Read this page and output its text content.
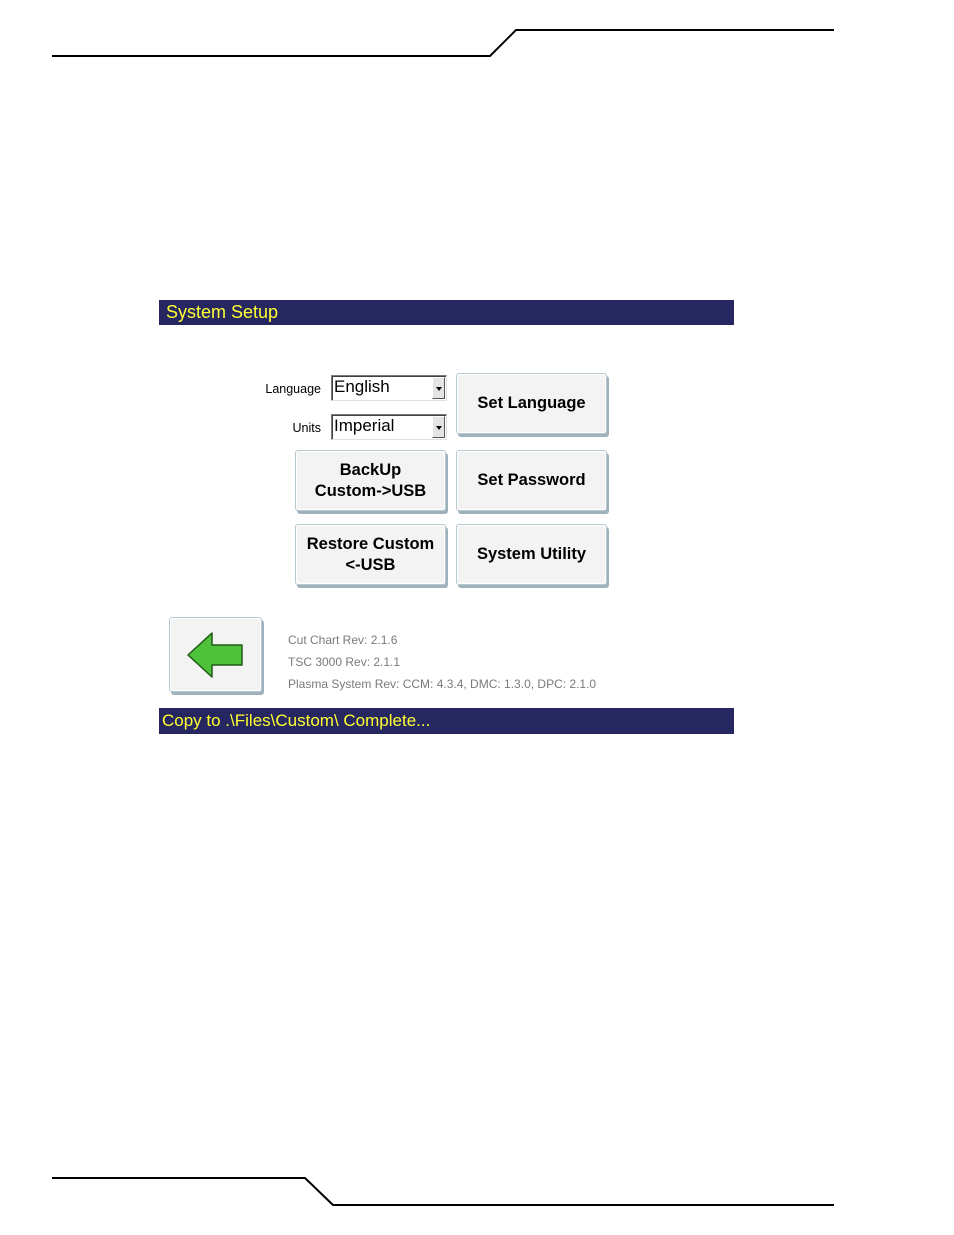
System Setup
Language English
Units Imperial
Set Language
BackUp
Custom->USB
Set Password
Restore Custom
<-USB
System Utility
Cut Chart Rev: 2.1.6
TSC 3000 Rev: 2.1.1
Plasma System Rev: CCM: 4.3.4, DMC: 1.3.0, DPC: 2.1.0
Copy to .\Files\Custom\ Complete...
